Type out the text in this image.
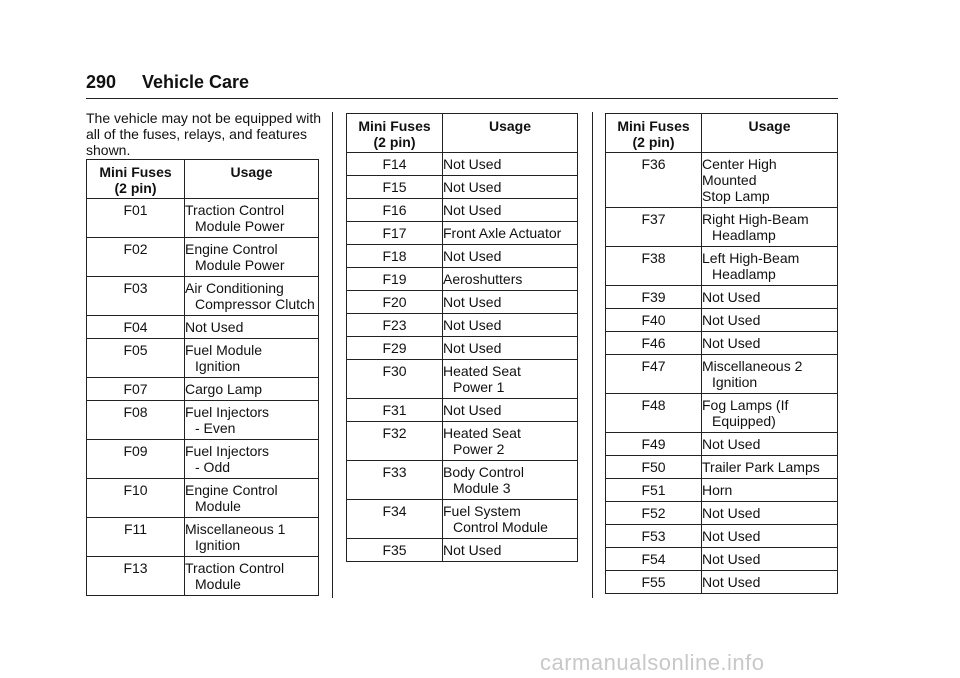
290 Vehicle Care
The vehicle may not be equipped with all of the fuses, relays, and features shown.
Mini Fuses
(2 pin)	Usage

F01	Traction Control
Module Power

F02	Engine Control
Module Power

F03	Air Conditioning
Compressor Clutch

F04	Not Used

F05	Fuel Module
Ignition

F07	Cargo Lamp

F08	Fuel Injectors
- Even

F09	Fuel Injectors
- Odd

F10	Engine Control
Module

F11	Miscellaneous 1
Ignition

F13	Traction Control
Module
Mini Fuses
(2 pin)	Usage

F14	Not Used

F15	Not Used

F16	Not Used

F17	Front Axle Actuator

F18	Not Used

F19	Aeroshutters

F20	Not Used

F23	Not Used

F29	Not Used

F30	Heated Seat
Power 1

F31	Not Used

F32	Heated Seat
Power 2

F33	Body Control
Module 3

F34	Fuel System
Control Module

F35	Not Used
Mini Fuses
(2 pin)	Usage

F36	Center High
Mounted
Stop Lamp

F37	Right High-Beam
Headlamp

F38	Left High-Beam
Headlamp

F39	Not Used

F40	Not Used

F46	Not Used

F47	Miscellaneous 2
Ignition

F48	Fog Lamps (If
Equipped)

F49	Not Used

F50	Trailer Park Lamps

F51	Horn

F52	Not Used

F53	Not Used

F54	Not Used

F55	Not Used
carmanualsonline.info
